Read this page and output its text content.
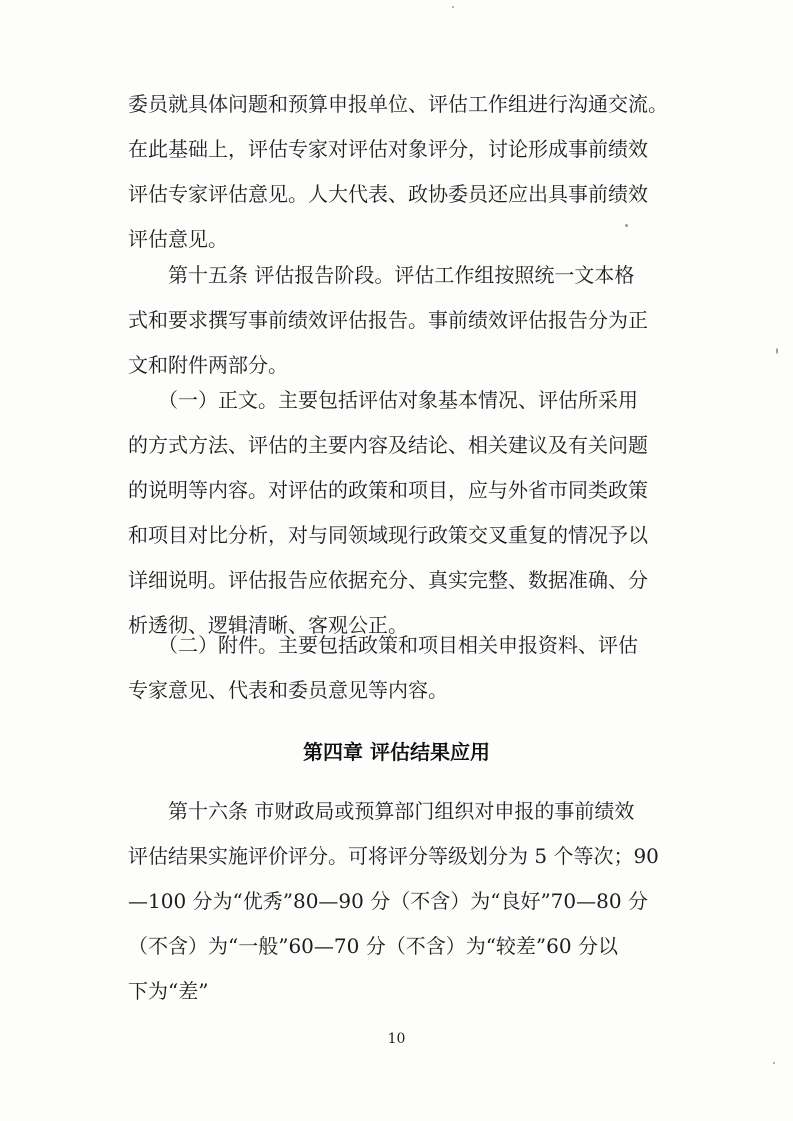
委员就具体问题和预算申报单位、评估工作组进行沟通交流。
在此基础上，评估专家对评估对象评分，讨论形成事前绩效
评估专家评估意见。人大代表、政协委员还应出具事前绩效
评估意见。
　　第十五条 评估报告阶段。评估工作组按照统一文本格
式和要求撰写事前绩效评估报告。事前绩效评估报告分为正
文和附件两部分。
　　（一）正文。主要包括评估对象基本情况、评估所采用
的方式方法、评估的主要内容及结论、相关建议及有关问题
的说明等内容。对评估的政策和项目，应与外省市同类政策
和项目对比分析，对与同领域现行政策交叉重复的情况予以
详细说明。评估报告应依据充分、真实完整、数据准确、分
析透彻、逻辑清晰、客观公正。
　　（二）附件。主要包括政策和项目相关申报资料、评估
专家意见、代表和委员意见等内容。
第四章 评估结果应用
　　第十六条 市财政局或预算部门组织对申报的事前绩效
评估结果实施评价评分。可将评分等级划分为 5 个等次；90
—100 分为“优秀”80—90 分（不含）为“良好”70—80 分
（不含）为“一般”60—70 分（不含）为“较差”60 分以
下为“差”
10
